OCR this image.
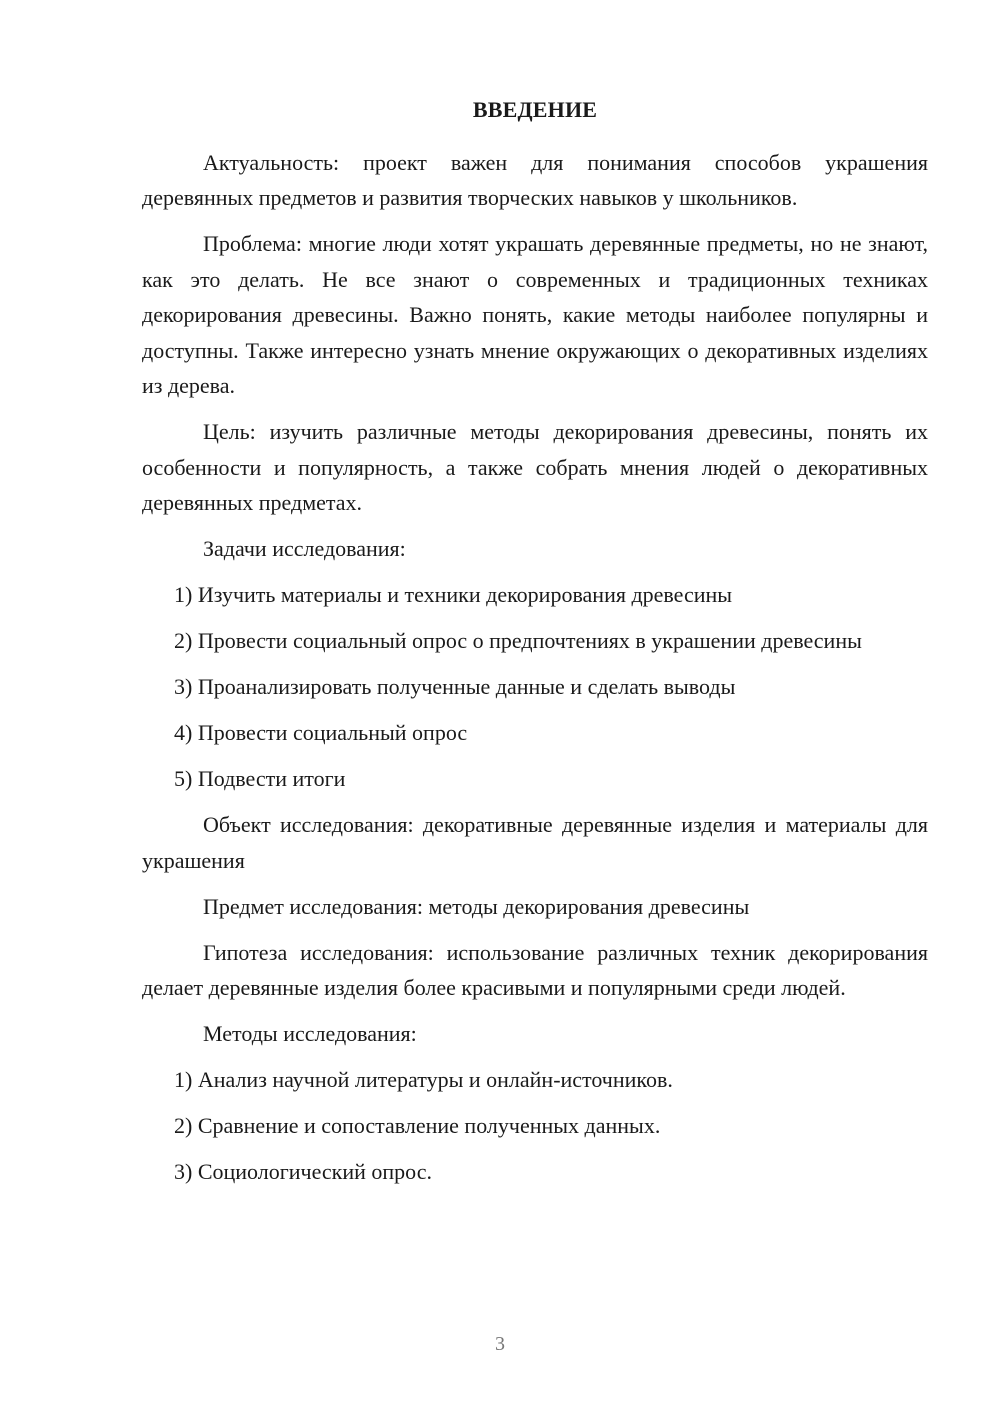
ВВЕДЕНИЕ

Актуальность: проект важен для понимания способов украшения деревянных предметов и развития творческих навыков у школьников.

Проблема: многие люди хотят украшать деревянные предметы, но не знают, как это делать. Не все знают о современных и традиционных техниках декорирования древесины. Важно понять, какие методы наиболее популярны и доступны. Также интересно узнать мнение окружающих о декоративных изделиях из дерева.

Цель: изучить различные методы декорирования древесины, понять их особенности и популярность, а также собрать мнения людей о декоративных деревянных предметах.

Задачи исследования:

1) Изучить материалы и техники декорирования древесины

2) Провести социальный опрос о предпочтениях в украшении древесины

3) Проанализировать полученные данные и сделать выводы

4) Провести социальный опрос

5) Подвести итоги

Объект исследования: декоративные деревянные изделия и материалы для украшения

Предмет исследования: методы декорирования древесины

Гипотеза исследования: использование различных техник декорирования делает деревянные изделия более красивыми и популярными среди людей.

Методы исследования:

1) Анализ научной литературы и онлайн-источников.

2) Сравнение и сопоставление полученных данных.

3) Социологический опрос.

3
